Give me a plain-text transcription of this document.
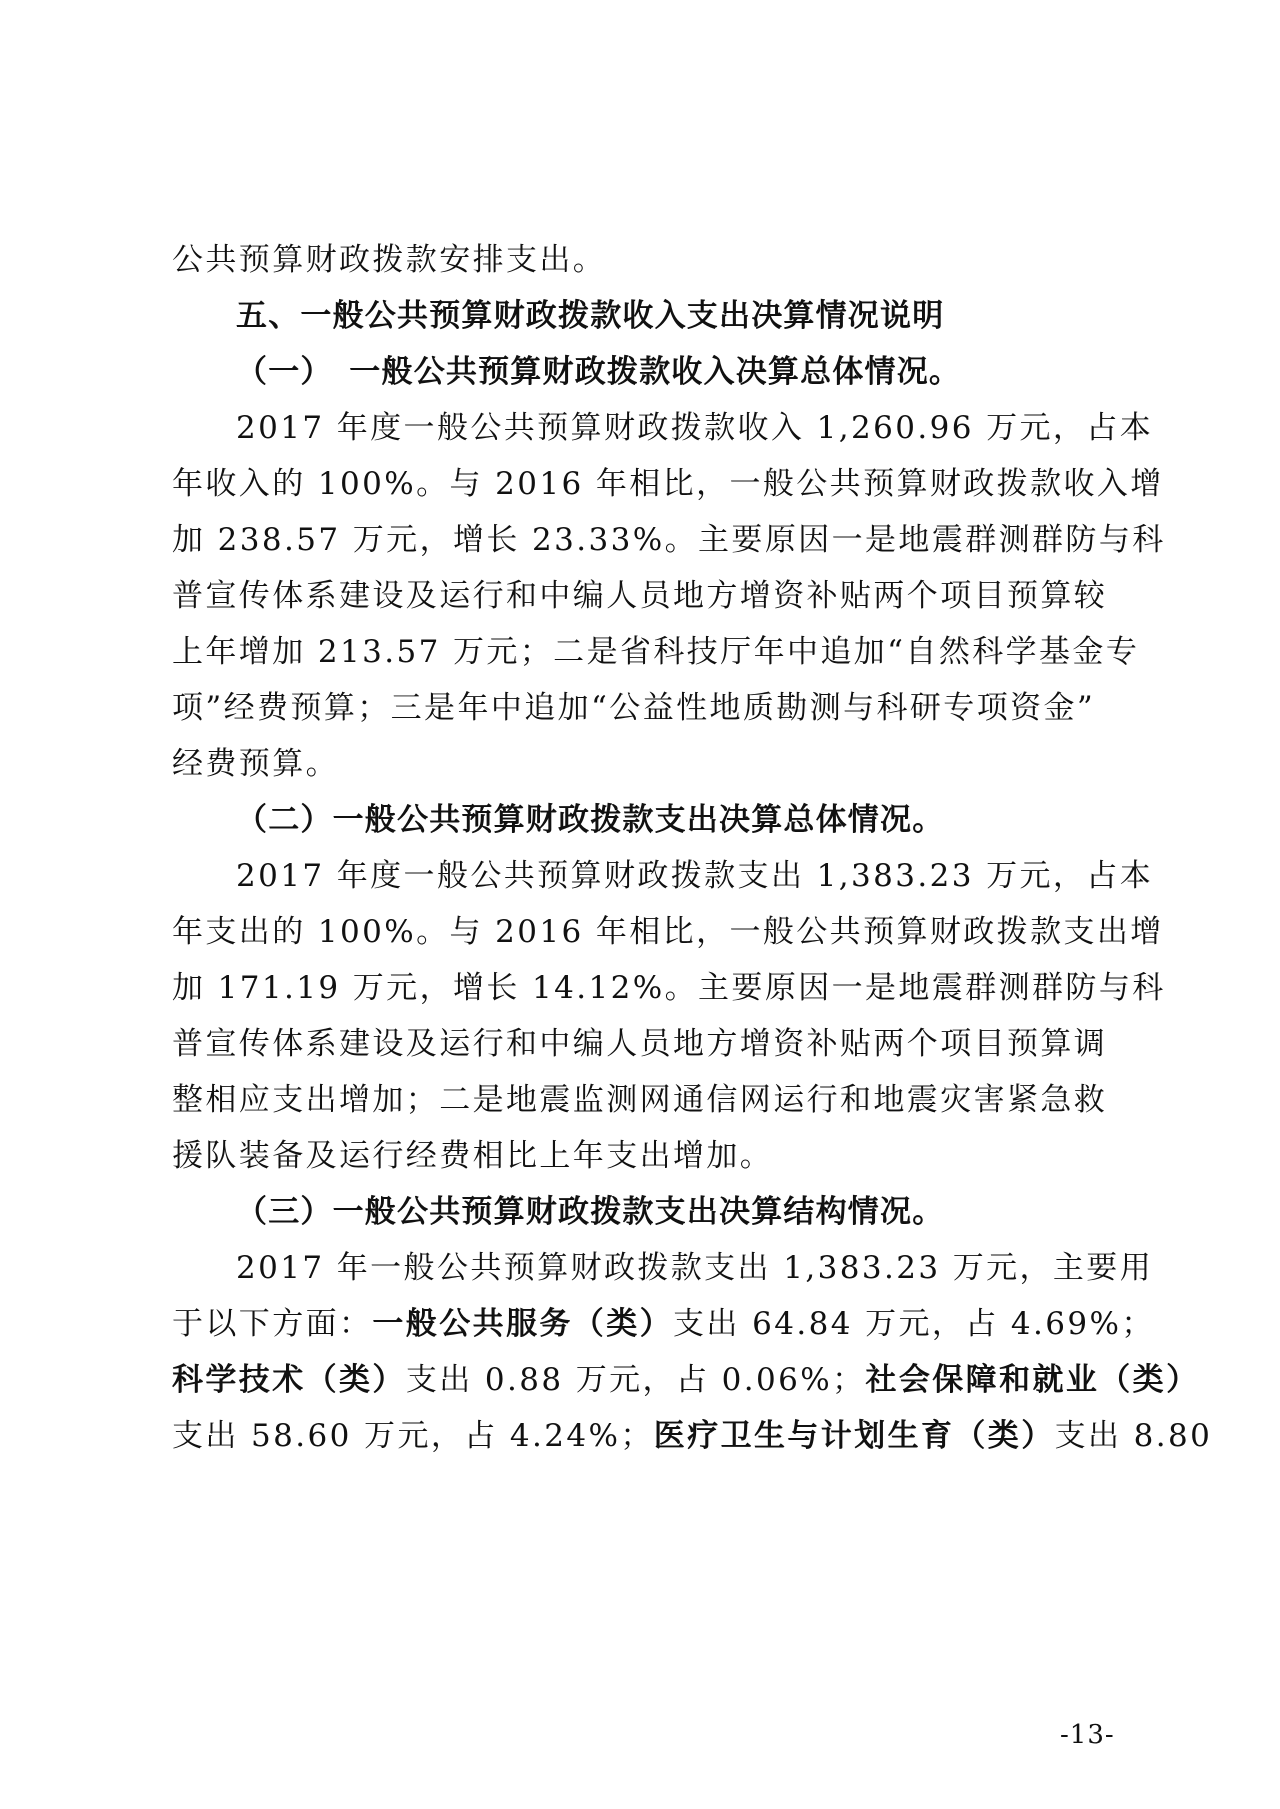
公共预算财政拨款安排支出。
五、一般公共预算财政拨款收入支出决算情况说明
（一）　一般公共预算财政拨款收入决算总体情况。
2017 年度一般公共预算财政拨款收入 1,260.96 万元，占本
年收入的 100%。与 2016 年相比，一般公共预算财政拨款收入增
加 238.57 万元，增长 23.33%。主要原因一是地震群测群防与科
普宣传体系建设及运行和中编人员地方增资补贴两个项目预算较
上年增加 213.57 万元；二是省科技厅年中追加“自然科学基金专
项”经费预算；三是年中追加“公益性地质勘测与科研专项资金”
经费预算。
（二）一般公共预算财政拨款支出决算总体情况。
2017 年度一般公共预算财政拨款支出 1,383.23 万元，占本
年支出的 100%。与 2016 年相比，一般公共预算财政拨款支出增
加 171.19 万元，增长 14.12%。主要原因一是地震群测群防与科
普宣传体系建设及运行和中编人员地方增资补贴两个项目预算调
整相应支出增加；二是地震监测网通信网运行和地震灾害紧急救
援队装备及运行经费相比上年支出增加。
（三）一般公共预算财政拨款支出决算结构情况。
2017 年一般公共预算财政拨款支出 1,383.23 万元，主要用
于以下方面：一般公共服务（类）支出 64.84 万元，占 4.69%；
科学技术（类）支出 0.88 万元，占 0.06%；社会保障和就业（类）
支出 58.60 万元，占 4.24%；医疗卫生与计划生育（类）支出 8.80
-13-
